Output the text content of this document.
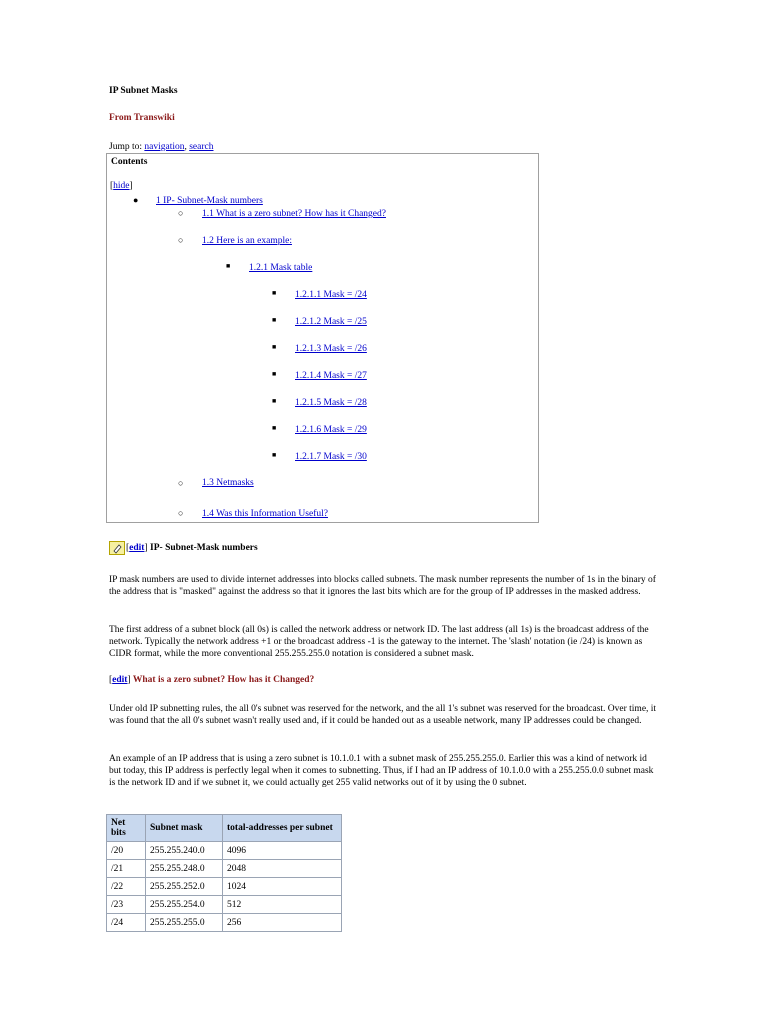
IP Subnet Masks
From Transwiki
Jump to: navigation, search
Contents
[hide]
● 1 IP- Subnet-Mask numbers
○ 1.1 What is a zero subnet? How has it Changed?
○ 1.2 Here is an example:
■ 1.2.1 Mask table
■ 1.2.1.1 Mask = /24
■ 1.2.1.2 Mask = /25
■ 1.2.1.3 Mask = /26
■ 1.2.1.4 Mask = /27
■ 1.2.1.5 Mask = /28
■ 1.2.1.6 Mask = /29
■ 1.2.1.7 Mask = /30
○ 1.3 Netmasks
○ 1.4 Was this Information Useful?
[edit] IP- Subnet-Mask numbers
IP mask numbers are used to divide internet addresses into blocks called subnets. The mask number represents the number of 1s in the binary of the address that is "masked" against the address so that it ignores the last bits which are for the group of IP addresses in the masked address.
The first address of a subnet block (all 0s) is called the network address or network ID. The last address (all 1s) is the broadcast address of the network. Typically the network address +1 or the broadcast address -1 is the gateway to the internet. The 'slash' notation (ie /24) is known as CIDR format, while the more conventional 255.255.255.0 notation is considered a subnet mask.
[edit] What is a zero subnet? How has it Changed?
Under old IP subnetting rules, the all 0's subnet was reserved for the network, and the all 1's subnet was reserved for the broadcast. Over time, it was found that the all 0's subnet wasn't really used and, if it could be handed out as a useable network, many IP addresses could be changed.
An example of an IP address that is using a zero subnet is 10.1.0.1 with a subnet mask of 255.255.255.0. Earlier this was a kind of network id but today, this IP address is perfectly legal when it comes to subnetting. Thus, if I had an IP address of 10.1.0.0 with a 255.255.0.0 subnet mask is the network ID and if we subnet it, we could actually get 255 valid networks out of it by using the 0 subnet.
Net bits	Subnet mask	total-addresses per subnet
/20	255.255.240.0	4096
/21	255.255.248.0	2048
/22	255.255.252.0	1024
/23	255.255.254.0	512
/24	255.255.255.0	256
